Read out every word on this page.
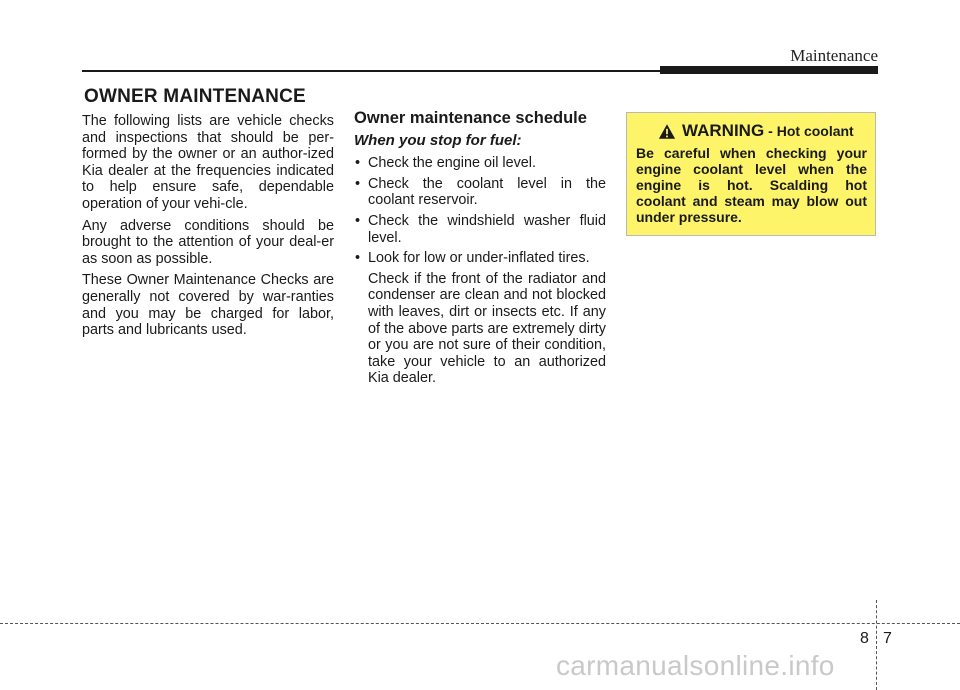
Maintenance
OWNER MAINTENANCE

The following lists are vehicle checks and inspections that should be per-formed by the owner or an author-ized Kia dealer at the frequencies indicated to help ensure safe, dependable operation of your vehi-cle.

Any adverse conditions should be brought to the attention of your deal-er as soon as possible.

These Owner Maintenance Checks are generally not covered by war-ranties and you may be charged for labor, parts and lubricants used.

Owner maintenance schedule
When you stop for fuel:
• Check the engine oil level.
• Check the coolant level in the coolant reservoir.
• Check the windshield washer fluid level.
• Look for low or under-inflated tires.

Check if the front of the radiator and condenser are clean and not blocked with leaves, dirt or insects etc. If any of the above parts are extremely dirty or you are not sure of their condition, take your vehicle to an authorized Kia dealer.

WARNING - Hot coolant

Be careful when checking your engine coolant level when the engine is hot. Scalding hot coolant and steam may blow out under pressure.

8 7
carmanualsonline.info
